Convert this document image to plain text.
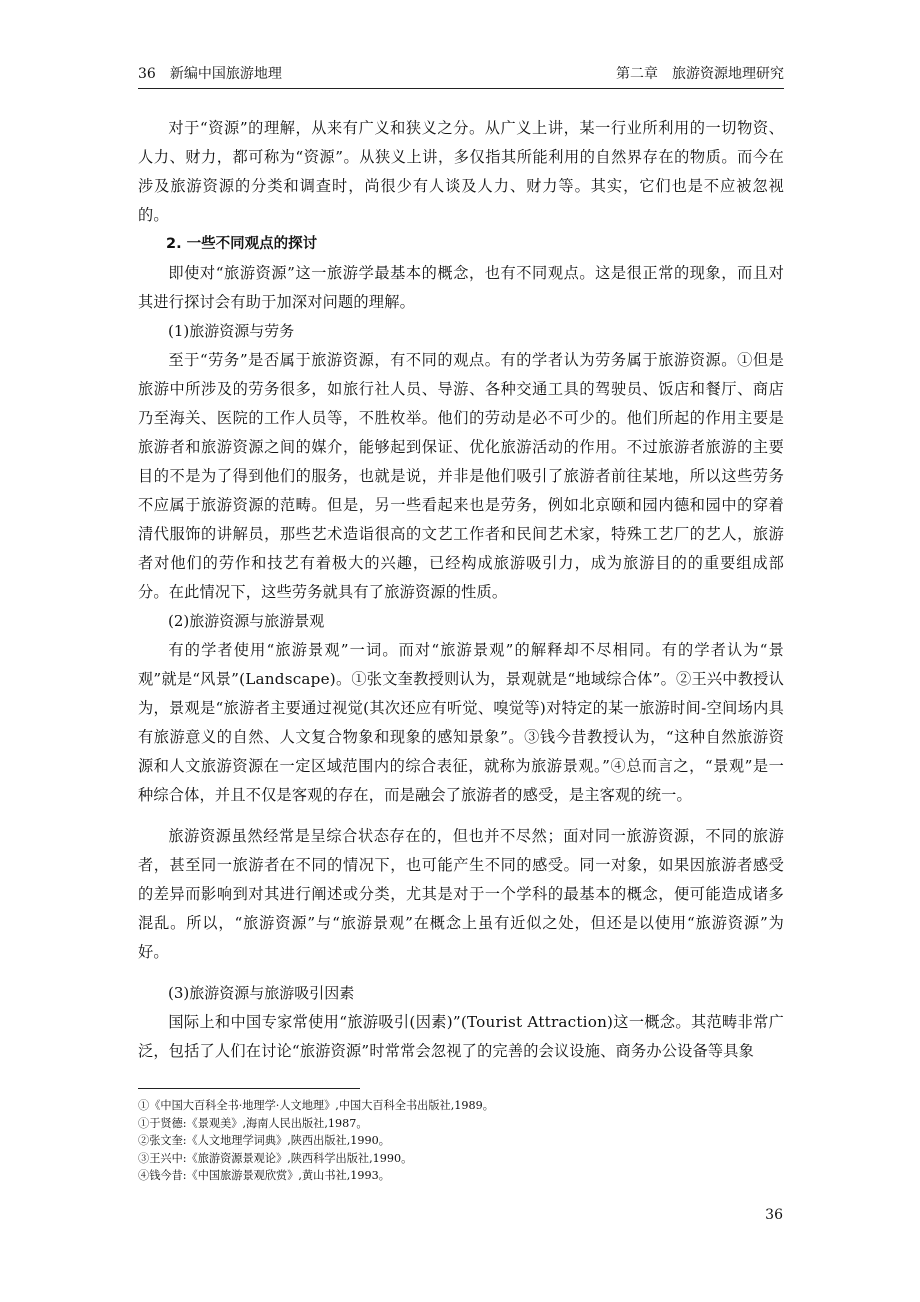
36 新编中国旅游地理	第二章　旅游资源地理研究

对于“资源”的理解，从来有广义和狭义之分。从广义上讲，某一行业所利用的一切物资、人力、财力，都可称为“资源”。从狭义上讲，多仅指其所能利用的自然界存在的物质。而今在涉及旅游资源的分类和调查时，尚很少有人谈及人力、财力等。其实，它们也是不应被忽视的。

2. 一些不同观点的探讨

即使对“旅游资源”这一旅游学最基本的概念，也有不同观点。这是很正常的现象，而且对其进行探讨会有助于加深对问题的理解。

(1)旅游资源与劳务

至于“劳务”是否属于旅游资源，有不同的观点。有的学者认为劳务属于旅游资源。①但是旅游中所涉及的劳务很多，如旅行社人员、导游、各种交通工具的驾驶员、饭店和餐厅、商店乃至海关、医院的工作人员等，不胜枚举。他们的劳动是必不可少的。他们所起的作用主要是旅游者和旅游资源之间的媒介，能够起到保证、优化旅游活动的作用。不过旅游者旅游的主要目的不是为了得到他们的服务，也就是说，并非是他们吸引了旅游者前往某地，所以这些劳务不应属于旅游资源的范畴。但是，另一些看起来也是劳务，例如北京颐和园内德和园中的穿着清代服饰的讲解员，那些艺术造诣很高的文艺工作者和民间艺术家，特殊工艺厂的艺人，旅游者对他们的劳作和技艺有着极大的兴趣，已经构成旅游吸引力，成为旅游目的的重要组成部分。在此情况下，这些劳务就具有了旅游资源的性质。

(2)旅游资源与旅游景观

有的学者使用“旅游景观”一词。而对“旅游景观”的解释却不尽相同。有的学者认为“景观”就是“风景”(Landscape)。①张文奎教授则认为，景观就是“地域综合体”。②王兴中教授认为，景观是“旅游者主要通过视觉(其次还应有听觉、嗅觉等)对特定的某一旅游时间-空间场内具有旅游意义的自然、人文复合物象和现象的感知景象”。③钱今昔教授认为，“这种自然旅游资源和人文旅游资源在一定区域范围内的综合表征，就称为旅游景观。”④总而言之，“景观”是一种综合体，并且不仅是客观的存在，而是融会了旅游者的感受，是主客观的统一。

旅游资源虽然经常是呈综合状态存在的，但也并不尽然；面对同一旅游资源，不同的旅游者，甚至同一旅游者在不同的情况下，也可能产生不同的感受。同一对象，如果因旅游者感受的差异而影响到对其进行阐述或分类，尤其是对于一个学科的最基本的概念，便可能造成诸多混乱。所以，“旅游资源”与“旅游景观”在概念上虽有近似之处，但还是以使用“旅游资源”为好。

(3)旅游资源与旅游吸引因素

国际上和中国专家常使用“旅游吸引(因素)”(Tourist Attraction)这一概念。其范畴非常广泛，包括了人们在讨论“旅游资源”时常常会忽视了的完善的会议设施、商务办公设备等具象

①《中国大百科全书·地理学·人文地理》,中国大百科全书出版社,1989。
①于贤德:《景观美》,海南人民出版社,1987。
②张文奎:《人文地理学词典》,陕西出版社,1990。
③王兴中:《旅游资源景观论》,陕西科学出版社,1990。
④钱今昔:《中国旅游景观欣赏》,黄山书社,1993。
36
